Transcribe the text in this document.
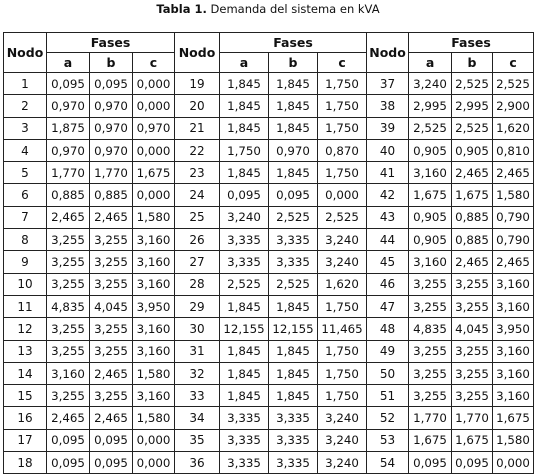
Tabla 1. Demanda del sistema en kVA
Nodo	Fases			Nodo	Fases			Nodo	Fases		
	a	b	c		a	b	c		a	b	c
1	0,095	0,095	0,000	19	1,845	1,845	1,750	37	3,240	2,525	2,525
2	0,970	0,970	0,000	20	1,845	1,845	1,750	38	2,995	2,995	2,900
3	1,875	0,970	0,970	21	1,845	1,845	1,750	39	2,525	2,525	1,620
4	0,970	0,970	0,000	22	1,750	0,970	0,870	40	0,905	0,905	0,810
5	1,770	1,770	1,675	23	1,845	1,845	1,750	41	3,160	2,465	2,465
6	0,885	0,885	0,000	24	0,095	0,095	0,000	42	1,675	1,675	1,580
7	2,465	2,465	1,580	25	3,240	2,525	2,525	43	0,905	0,885	0,790
8	3,255	3,255	3,160	26	3,335	3,335	3,240	44	0,905	0,885	0,790
9	3,255	3,255	3,160	27	3,335	3,335	3,240	45	3,160	2,465	2,465
10	3,255	3,255	3,160	28	2,525	2,525	1,620	46	3,255	3,255	3,160
11	4,835	4,045	3,950	29	1,845	1,845	1,750	47	3,255	3,255	3,160
12	3,255	3,255	3,160	30	12,155	12,155	11,465	48	4,835	4,045	3,950
13	3,255	3,255	3,160	31	1,845	1,845	1,750	49	3,255	3,255	3,160
14	3,160	2,465	1,580	32	1,845	1,845	1,750	50	3,255	3,255	3,160
15	3,255	3,255	3,160	33	1,845	1,845	1,750	51	3,255	3,255	3,160
16	2,465	2,465	1,580	34	3,335	3,335	3,240	52	1,770	1,770	1,675
17	0,095	0,095	0,000	35	3,335	3,335	3,240	53	1,675	1,675	1,580
18	0,095	0,095	0,000	36	3,335	3,335	3,240	54	0,095	0,095	0,000
